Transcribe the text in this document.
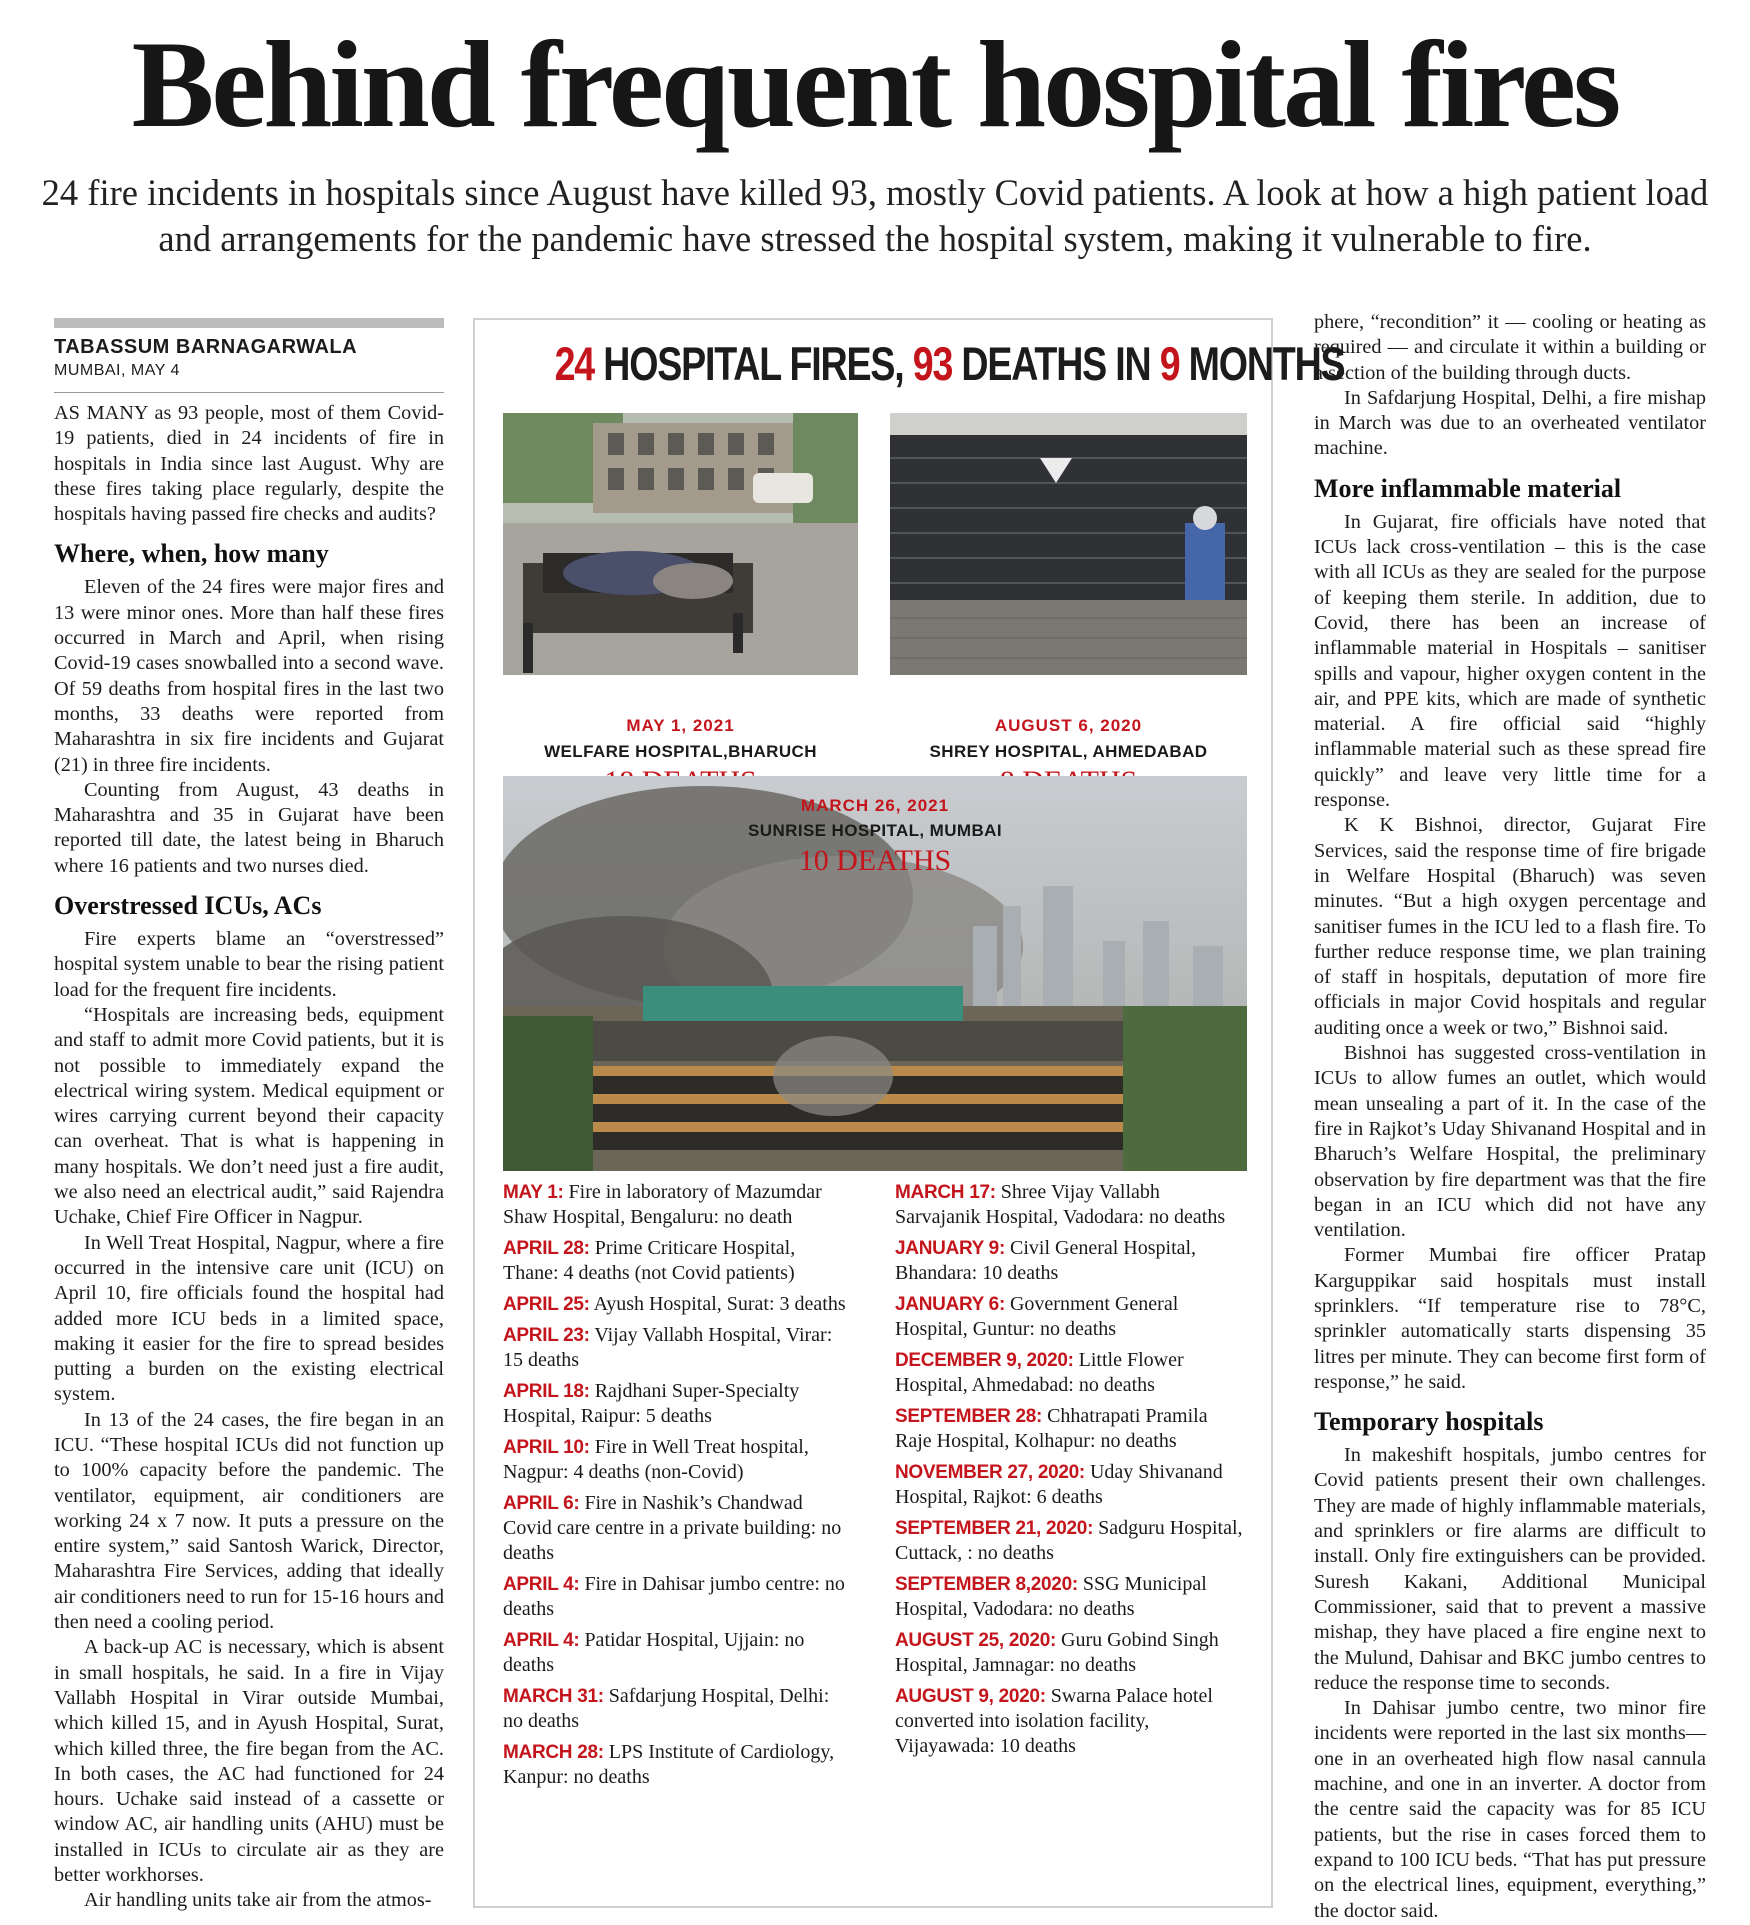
Behind frequent hospital fires
24 fire incidents in hospitals since August have killed 93, mostly Covid patients. A look at how a high patient load and arrangements for the pandemic have stressed the hospital system, making it vulnerable to fire.
TABASSUM BARNAGARWALA
MUMBAI, MAY 4

AS MANY as 93 people, most of them Covid-19 patients, died in 24 incidents of fire in hospitals in India since last August. Why are these fires taking place regularly, despite the hospitals having passed fire checks and audits?

Where, when, how many

Eleven of the 24 fires were major fires and 13 were minor ones. More than half these fires occurred in March and April, when rising Covid-19 cases snowballed into a second wave. Of 59 deaths from hospital fires in the last two months, 33 deaths were reported from Maharashtra in six fire incidents and Gujarat (21) in three fire incidents.

Counting from August, 43 deaths in Maharashtra and 35 in Gujarat have been reported till date, the latest being in Bharuch where 16 patients and two nurses died.

Overstressed ICUs, ACs

Fire experts blame an “overstressed” hospital system unable to bear the rising patient load for the frequent fire incidents.

“Hospitals are increasing beds, equipment and staff to admit more Covid patients, but it is not possible to immediately expand the electrical wiring system. Medical equipment or wires carrying current beyond their capacity can overheat. That is what is happening in many hospitals. We don’t need just a fire audit, we also need an electrical audit,” said Rajendra Uchake, Chief Fire Officer in Nagpur.

In Well Treat Hospital, Nagpur, where a fire occurred in the intensive care unit (ICU) on April 10, fire officials found the hospital had added more ICU beds in a limited space, making it easier for the fire to spread besides putting a burden on the existing electrical system.

In 13 of the 24 cases, the fire began in an ICU. “These hospital ICUs did not function up to 100% capacity before the pandemic. The ventilator, equipment, air conditioners are working 24 x 7 now. It puts a pressure on the entire system,” said Santosh Warick, Director, Maharashtra Fire Services, adding that ideally air conditioners need to run for 15-16 hours and then need a cooling period.

A back-up AC is necessary, which is absent in small hospitals, he said. In a fire in Vijay Vallabh Hospital in Virar outside Mumbai, which killed 15, and in Ayush Hospital, Surat, which killed three, the fire began from the AC. In both cases, the AC had functioned for 24 hours. Uchake said instead of a cassette or window AC, air handling units (AHU) must be installed in ICUs to circulate air as they are better workhorses.

Air handling units take air from the atmos-

24 HOSPITAL FIRES, 93 DEATHS IN 9 MONTHS
MAY 1, 2021
WELFARE HOSPITAL,BHARUCH
AUGUST 6, 2020
SHREY HOSPITAL, AHMEDABAD
MARCH 26, 2021
SUNRISE HOSPITAL, MUMBAI
10 DEATHS
MAY 1: Fire in laboratory of Mazumdar Shaw Hospital, Bengaluru: no death
APRIL 28: Prime Criticare Hospital, Thane: 4 deaths (not Covid patients)
APRIL 25: Ayush Hospital, Surat: 3 deaths
APRIL 23: Vijay Vallabh Hospital, Virar: 15 deaths
APRIL 18: Rajdhani Super-Specialty Hospital, Raipur: 5 deaths
APRIL 10: Fire in Well Treat hospital, Nagpur: 4 deaths (non-Covid)
APRIL 6: Fire in Nashik’s Chandwad Covid care centre in a private building: no deaths
APRIL 4: Fire in Dahisar jumbo centre: no deaths
APRIL 4: Patidar Hospital, Ujjain: no deaths
MARCH 31: Safdarjung Hospital, Delhi: no deaths
MARCH 28: LPS Institute of Cardiology, Kanpur: no deaths
MARCH 17: Shree Vijay Vallabh Sarvajanik Hospital, Vadodara: no deaths
JANUARY 9: Civil General Hospital, Bhandara: 10 deaths
JANUARY 6: Government General Hospital, Guntur: no deaths
DECEMBER 9, 2020: Little Flower Hospital, Ahmedabad: no deaths
SEPTEMBER 28: Chhatrapati Pramila Raje Hospital, Kolhapur: no deaths
NOVEMBER 27, 2020: Uday Shivanand Hospital, Rajkot: 6 deaths
SEPTEMBER 21, 2020: Sadguru Hospital, Cuttack, : no deaths
SEPTEMBER 8,2020: SSG Municipal Hospital, Vadodara: no deaths
AUGUST 25, 2020: Guru Gobind Singh Hospital, Jamnagar: no deaths
AUGUST 9, 2020: Swarna Palace hotel converted into isolation facility, Vijayawada: 10 deaths

phere, “recondition” it — cooling or heating as required — and circulate it within a building or a section of the building through ducts.

In Safdarjung Hospital, Delhi, a fire mishap in March was due to an overheated ventilator machine.

More inflammable material

In Gujarat, fire officials have noted that ICUs lack cross-ventilation – this is the case with all ICUs as they are sealed for the purpose of keeping them sterile. In addition, due to Covid, there has been an increase of inflammable material in Hospitals – sanitiser spills and vapour, higher oxygen content in the air, and PPE kits, which are made of synthetic material. A fire official said “highly inflammable material such as these spread fire quickly” and leave very little time for a response.

K K Bishnoi, director, Gujarat Fire Services, said the response time of fire brigade in Welfare Hospital (Bharuch) was seven minutes. “But a high oxygen percentage and sanitiser fumes in the ICU led to a flash fire. To further reduce response time, we plan training of staff in hospitals, deputation of more fire officials in major Covid hospitals and regular auditing once a week or two,” Bishnoi said.

Bishnoi has suggested cross-ventilation in ICUs to allow fumes an outlet, which would mean unsealing a part of it. In the case of the fire in Rajkot’s Uday Shivanand Hospital and in Bharuch’s Welfare Hospital, the preliminary observation by fire department was that the fire began in an ICU which did not have any ventilation.

Former Mumbai fire officer Pratap Karguppikar said hospitals must install sprinklers. “If temperature rise to 78°C, sprinkler automatically starts dispensing 35 litres per minute. They can become first form of response,” he said.

Temporary hospitals

In makeshift hospitals, jumbo centres for Covid patients present their own challenges. They are made of highly inflammable materials, and sprinklers or fire alarms are difficult to install. Only fire extinguishers can be provided. Suresh Kakani, Additional Municipal Commissioner, said that to prevent a massive mishap, they have placed a fire engine next to the Mulund, Dahisar and BKC jumbo centres to reduce the response time to seconds.

In Dahisar jumbo centre, two minor fire incidents were reported in the last six months— one in an overheated high flow nasal cannula machine, and one in an inverter. A doctor from the centre said the capacity was for 85 ICU patients, but the rise in cases forced them to expand to 100 ICU beds. “That has put pressure on the electrical lines, equipment, everything,” the doctor said.
